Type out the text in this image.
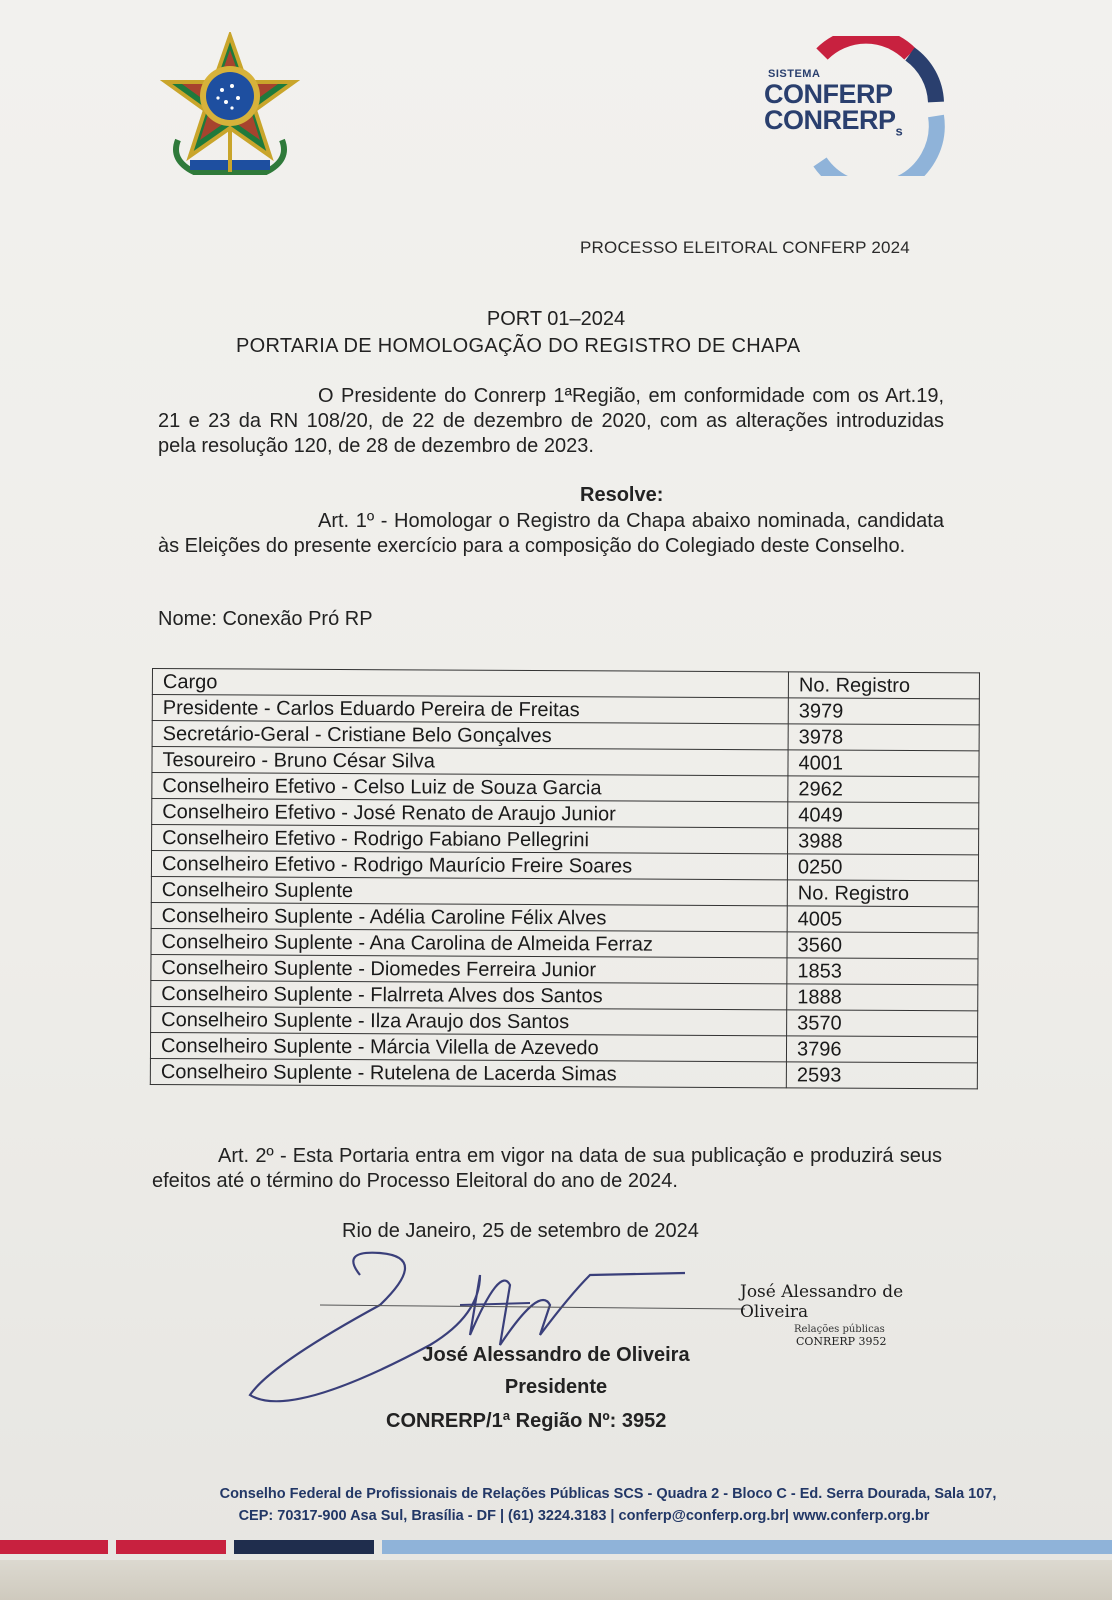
SISTEMA
CONFERP
$CONRERP_s$
PROCESSO ELEITORAL CONFERP 2024
PORT 01–2024
PORTARIA DE HOMOLOGAÇÃO DO REGISTRO DE CHAPA
O Presidente do Conrerp 1ªRegião, em conformidade com os Art.19, 21 e 23 da RN 108/20, de 22 de dezembro de 2020, com as alterações introduzidas pela resolução 120, de 28 de dezembro de 2023.
Resolve:
Art. 1º - Homologar o Registro da Chapa abaixo nominada, candidata às Eleições do presente exercício para a composição do Colegiado deste Conselho.
Nome: Conexão Pró RP
Cargo	No. Registro
Presidente - Carlos Eduardo Pereira de Freitas	3979
Secretário-Geral - Cristiane Belo Gonçalves	3978
Tesoureiro - Bruno César Silva	4001
Conselheiro Efetivo - Celso Luiz de Souza Garcia	2962
Conselheiro Efetivo - José Renato de Araujo Junior	4049
Conselheiro Efetivo - Rodrigo Fabiano Pellegrini	3988
Conselheiro Efetivo - Rodrigo Maurício Freire Soares	0250
Conselheiro Suplente	No. Registro
Conselheiro Suplente - Adélia Caroline Félix Alves	4005
Conselheiro Suplente - Ana Carolina de Almeida Ferraz	3560
Conselheiro Suplente - Diomedes Ferreira Junior	1853
Conselheiro Suplente - Flalrreta Alves dos Santos	1888
Conselheiro Suplente - Ilza Araujo dos Santos	3570
Conselheiro Suplente - Márcia Vilella de Azevedo	3796
Conselheiro Suplente - Rutelena de Lacerda Simas	2593
Art. 2º - Esta Portaria entra em vigor na data de sua publicação e produzirá seus efeitos até o término do Processo Eleitoral do ano de 2024.
Rio de Janeiro, 25 de setembro de 2024
José Alessandro de Oliveira
Relações públicas
CONRERP 3952
José Alessandro de Oliveira
Presidente
CONRERP/1ª Região Nº: 3952
Conselho Federal de Profissionais de Relações Públicas SCS - Quadra 2 - Bloco C - Ed. Serra Dourada, Sala 107,
CEP: 70317-900 Asa Sul, Brasília - DF | (61) 3224.3183 | conferp@conferp.org.br| www.conferp.org.br
